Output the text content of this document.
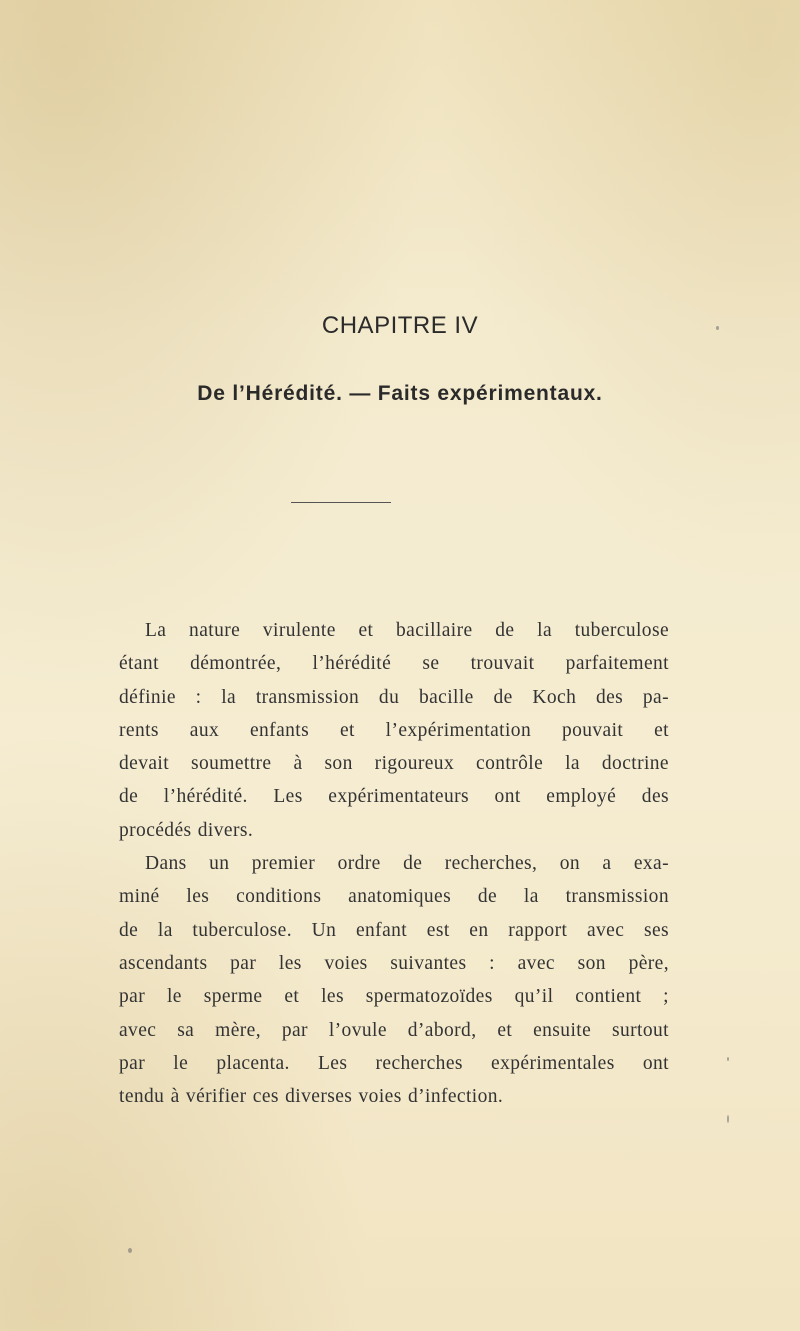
CHAPITRE IV
De l’Hérédité. — Faits expérimentaux.
La nature virulente et bacillaire de la tuberculose
étant démontrée, l’hérédité se trouvait parfaitement
définie : la transmission du bacille de Koch des pa-
rents aux enfants et l’expérimentation pouvait et
devait soumettre à son rigoureux contrôle la doctrine
de l’hérédité. Les expérimentateurs ont employé des
procédés divers.
Dans un premier ordre de recherches, on a exa-
miné les conditions anatomiques de la transmission
de la tuberculose. Un enfant est en rapport avec ses
ascendants par les voies suivantes : avec son père,
par le sperme et les spermatozoïdes qu’il contient ;
avec sa mère, par l’ovule d’abord, et ensuite surtout
par le placenta. Les recherches expérimentales ont
tendu à vérifier ces diverses voies d’infection.
